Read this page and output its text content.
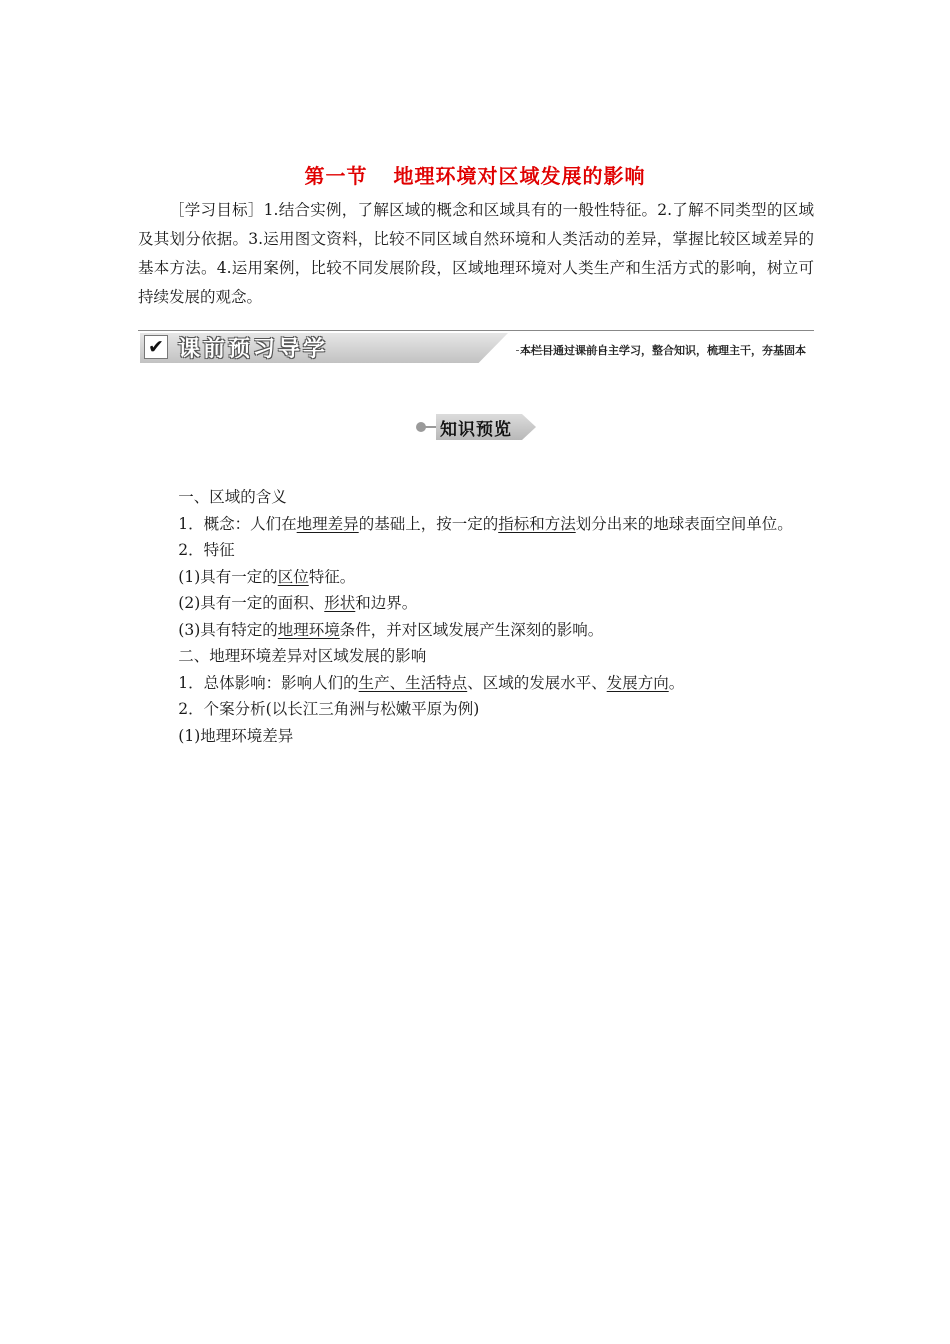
第一节 地理环境对区域发展的影响
［学习目标］1.结合实例，了解区域的概念和区域具有的一般性特征。2.了解不同类型的区域及其划分依据。3.运用图文资料，比较不同区域自然环境和人类活动的差异，掌握比较区域差异的基本方法。4.运用案例，比较不同发展阶段，区域地理环境对人类生产和生活方式的影响，树立可持续发展的观念。
✔ 课前预习导学	本栏目通过课前自主学习，整合知识，梳理主干，夯基固本
知识预览

一、区域的含义

1．概念：人们在地理差异的基础上，按一定的指标和方法划分出来的地球表面空间单位。

2．特征

(1)具有一定的区位特征。

(2)具有一定的面积、形状和边界。

(3)具有特定的地理环境条件，并对区域发展产生深刻的影响。

二、地理环境差异对区域发展的影响

1．总体影响：影响人们的生产、生活特点、区域的发展水平、发展方向。

2．个案分析(以长江三角洲与松嫩平原为例)

(1)地理环境差异
